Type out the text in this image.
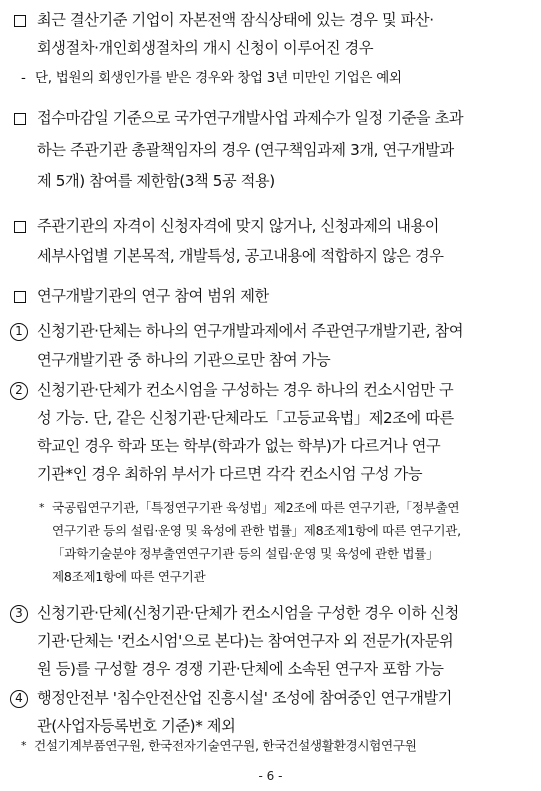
최근 결산기준 기업이 자본전액 잠식상태에 있는 경우 및 파산·
회생절차·개인회생절차의 개시 신청이 이루어진 경우
- 단, 법원의 회생인가를 받은 경우와 창업 3년 미만인 기업은 예외
접수마감일 기준으로 국가연구개발사업 과제수가 일정 기준을 초과
하는 주관기관 총괄책임자의 경우 (연구책임과제 3개, 연구개발과
제 5개) 참여를 제한함(3책 5공 적용)
주관기관의 자격이 신청자격에 맞지 않거나, 신청과제의 내용이
세부사업별 기본목적, 개발특성, 공고내용에 적합하지 않은 경우
연구개발기관의 연구 참여 범위 제한
1 신청기관·단체는 하나의 연구개발과제에서 주관연구개발기관, 참여
연구개발기관 중 하나의 기관으로만 참여 가능
2 신청기관·단체가 컨소시엄을 구성하는 경우 하나의 컨소시엄만 구
성 가능. 단, 같은 신청기관·단체라도「고등교육법」제2조에 따른
학교인 경우 학과 또는 학부(학과가 없는 학부)가 다르거나 연구
기관*인 경우 최하위 부서가 다르면 각각 컨소시엄 구성 가능
* 국공립연구기관,「특정연구기관 육성법」제2조에 따른 연구기관,「정부출연
연구기관 등의 설립·운영 및 육성에 관한 법률」제8조제1항에 따른 연구기관,
「과학기술분야 정부출연연구기관 등의 설립·운영 및 육성에 관한 법률」
제8조제1항에 따른 연구기관
3 신청기관·단체(신청기관·단체가 컨소시엄을 구성한 경우 이하 신청
기관·단체는 '컨소시엄'으로 본다)는 참여연구자 외 전문가(자문위
원 등)를 구성할 경우 경쟁 기관·단체에 소속된 연구자 포함 가능
4 행정안전부 '침수안전산업 진흥시설' 조성에 참여중인 연구개발기
관(사업자등록번호 기준)* 제외
* 건설기계부품연구원, 한국전자기술연구원, 한국건설생활환경시험연구원
- 6 -
